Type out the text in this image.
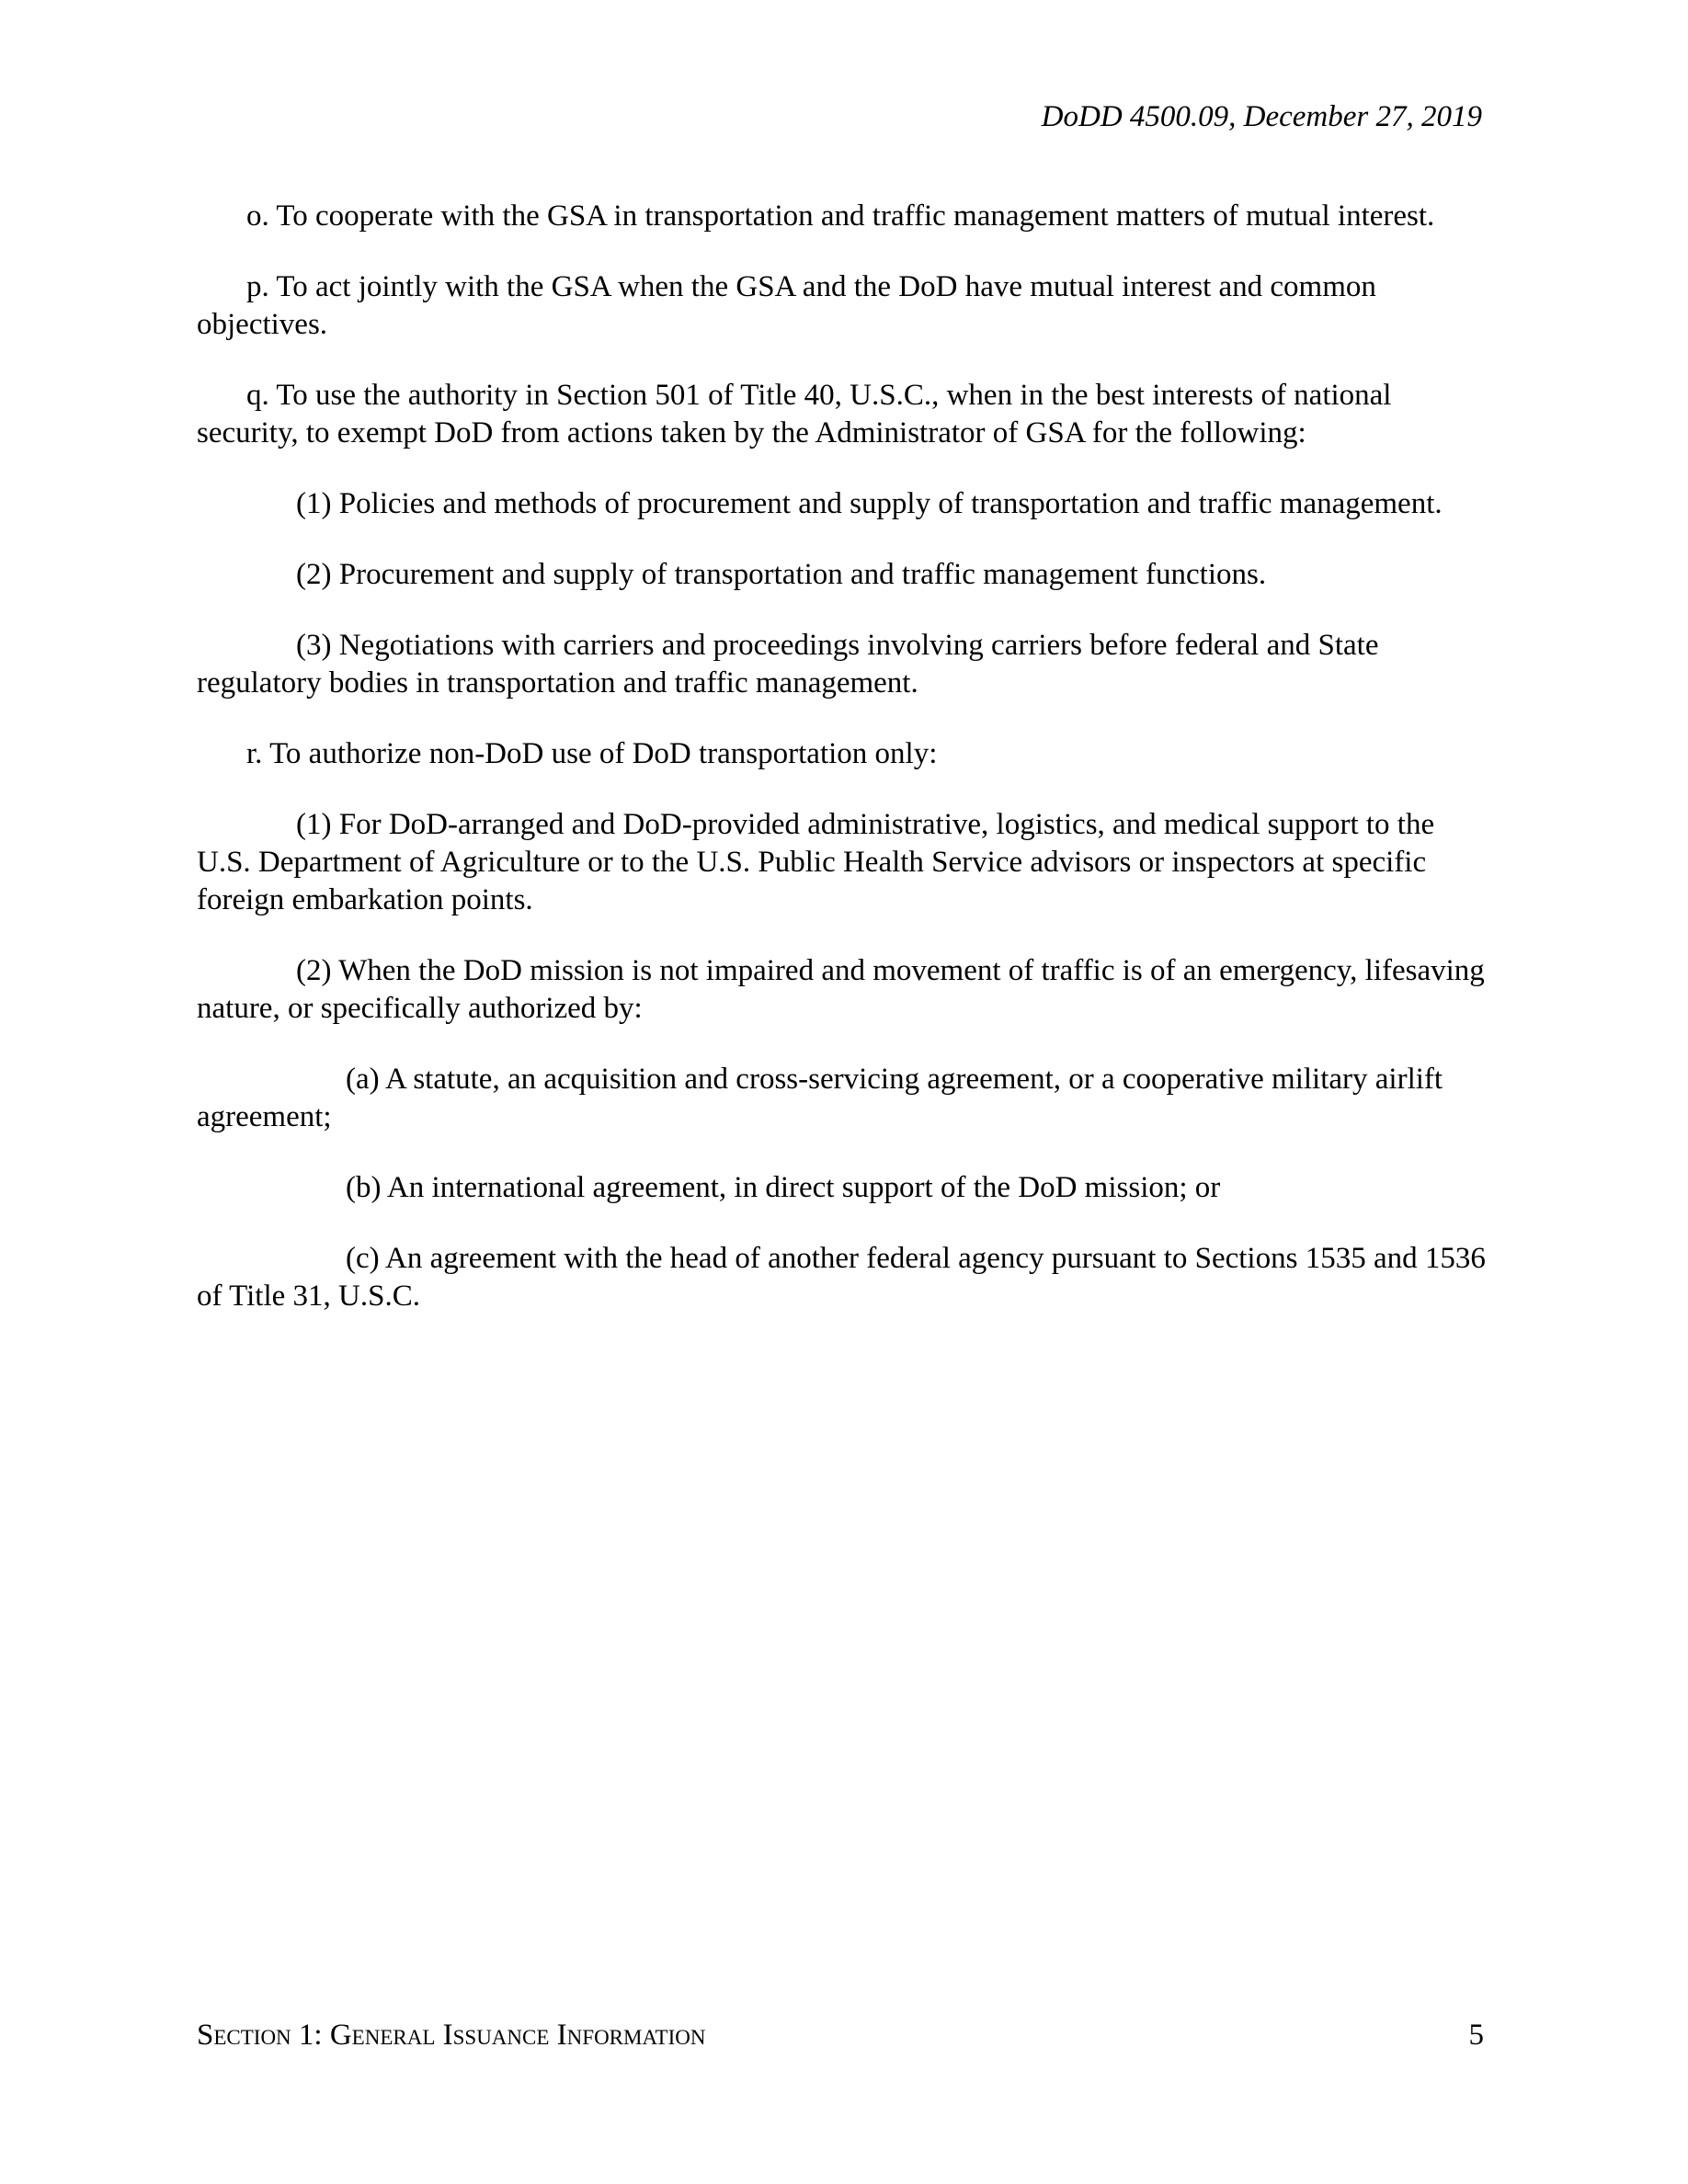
DoDD 4500.09, December 27, 2019

o. To cooperate with the GSA in transportation and traffic management matters of mutual interest.

p. To act jointly with the GSA when the GSA and the DoD have mutual interest and common objectives.

q. To use the authority in Section 501 of Title 40, U.S.C., when in the best interests of national security, to exempt DoD from actions taken by the Administrator of GSA for the following:

(1) Policies and methods of procurement and supply of transportation and traffic management.

(2) Procurement and supply of transportation and traffic management functions.

(3) Negotiations with carriers and proceedings involving carriers before federal and State regulatory bodies in transportation and traffic management.

r. To authorize non-DoD use of DoD transportation only:

(1) For DoD-arranged and DoD-provided administrative, logistics, and medical support to the U.S. Department of Agriculture or to the U.S. Public Health Service advisors or inspectors at specific foreign embarkation points.

(2) When the DoD mission is not impaired and movement of traffic is of an emergency, lifesaving nature, or specifically authorized by:

(a) A statute, an acquisition and cross-servicing agreement, or a cooperative military airlift agreement;

(b) An international agreement, in direct support of the DoD mission; or

(c) An agreement with the head of another federal agency pursuant to Sections 1535 and 1536 of Title 31, U.S.C.

Section 1: General Issuance Information	5
